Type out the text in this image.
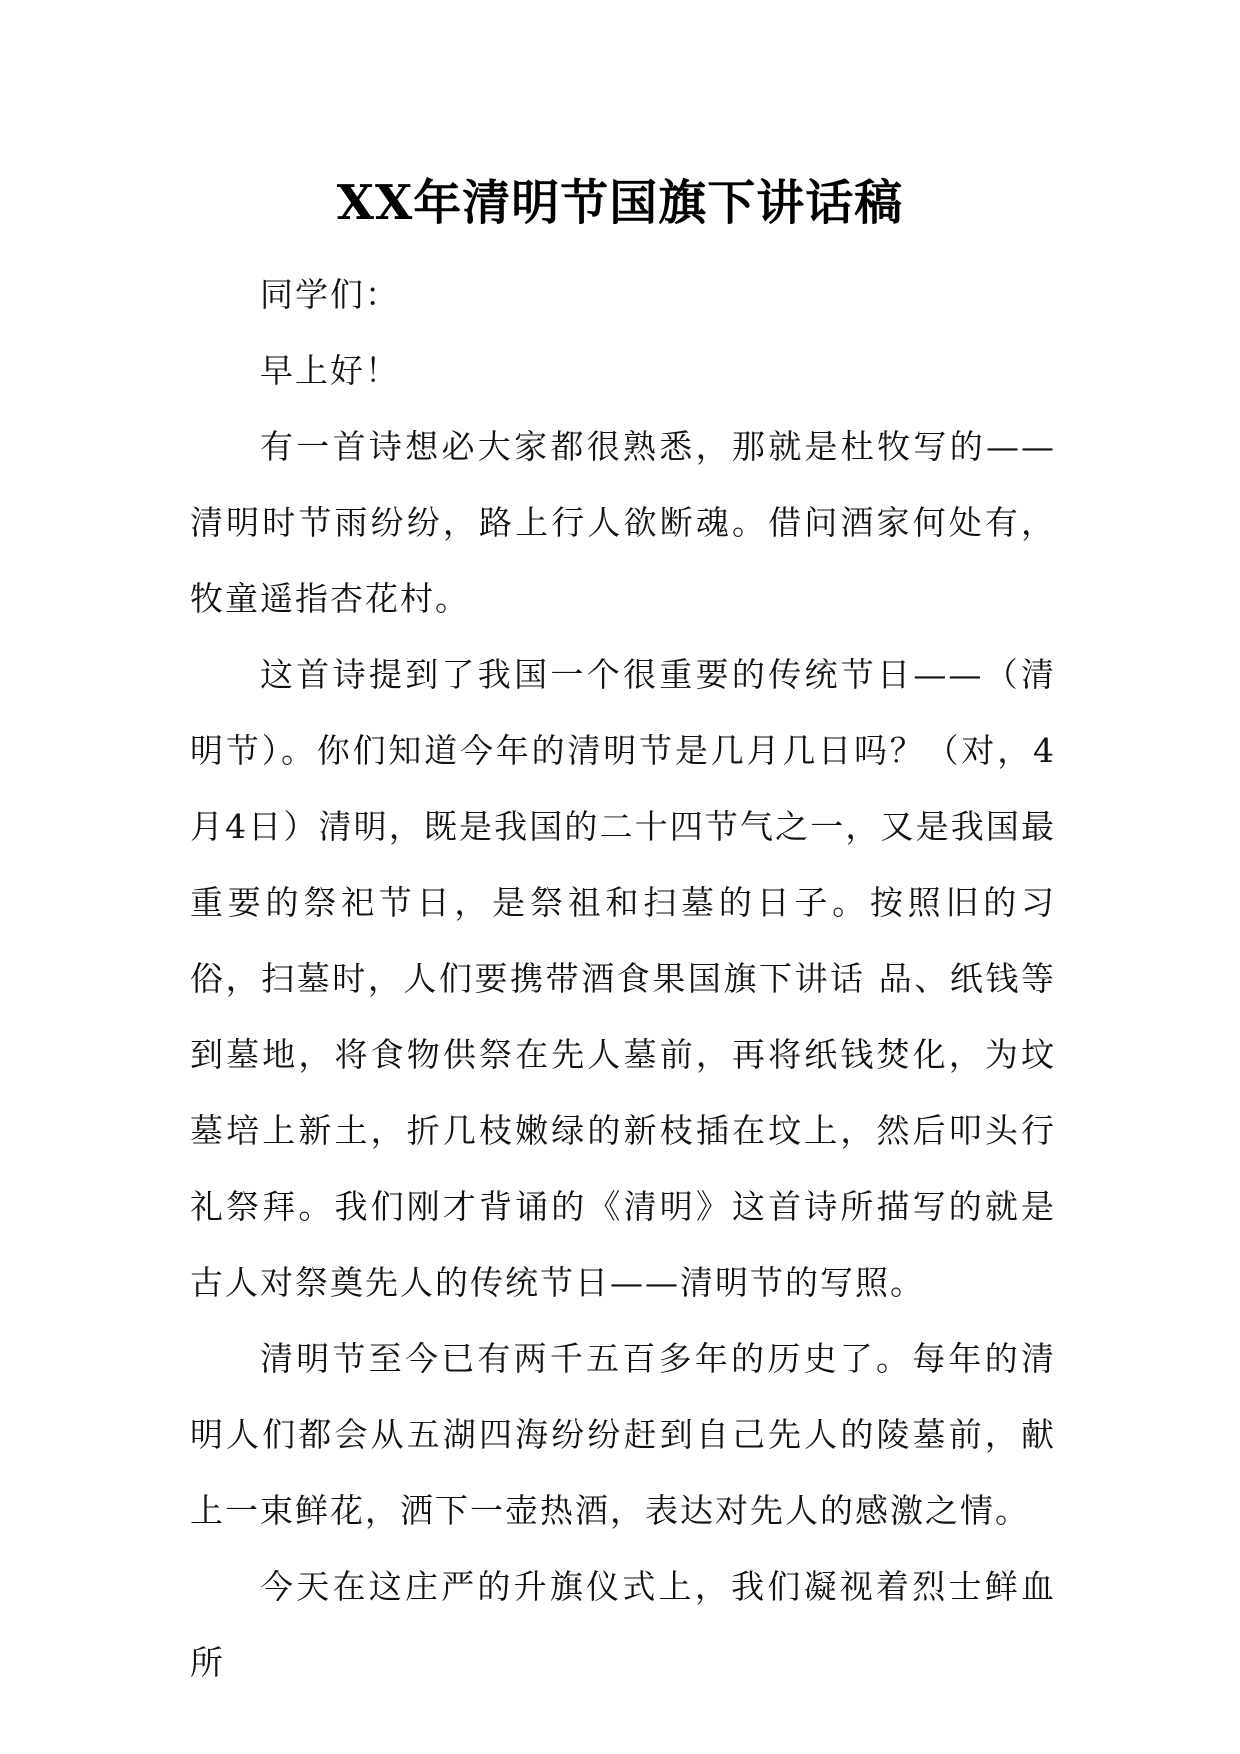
XX年清明节国旗下讲话稿

同学们：

早上好！

有一首诗想必大家都很熟悉，那就是杜牧写的——清明时节雨纷纷，路上行人欲断魂。借问酒家何处有，牧童遥指杏花村。

这首诗提到了我国一个很重要的传统节日——（清明节）。你们知道今年的清明节是几月几日吗？（对，4月4日）清明，既是我国的二十四节气之一，又是我国最重要的祭祀节日，是祭祖和扫墓的日子。按照旧的习俗，扫墓时，人们要携带酒食果国旗下讲话 品、纸钱等到墓地，将食物供祭在先人墓前，再将纸钱焚化，为坟墓培上新土，折几枝嫩绿的新枝插在坟上，然后叩头行礼祭拜。我们刚才背诵的《清明》这首诗所描写的就是古人对祭奠先人的传统节日——清明节的写照。

清明节至今已有两千五百多年的历史了。每年的清明人们都会从五湖四海纷纷赶到自己先人的陵墓前，献上一束鲜花，洒下一壶热酒，表达对先人的感激之情。

今天在这庄严的升旗仪式上，我们凝视着烈士鲜血所
